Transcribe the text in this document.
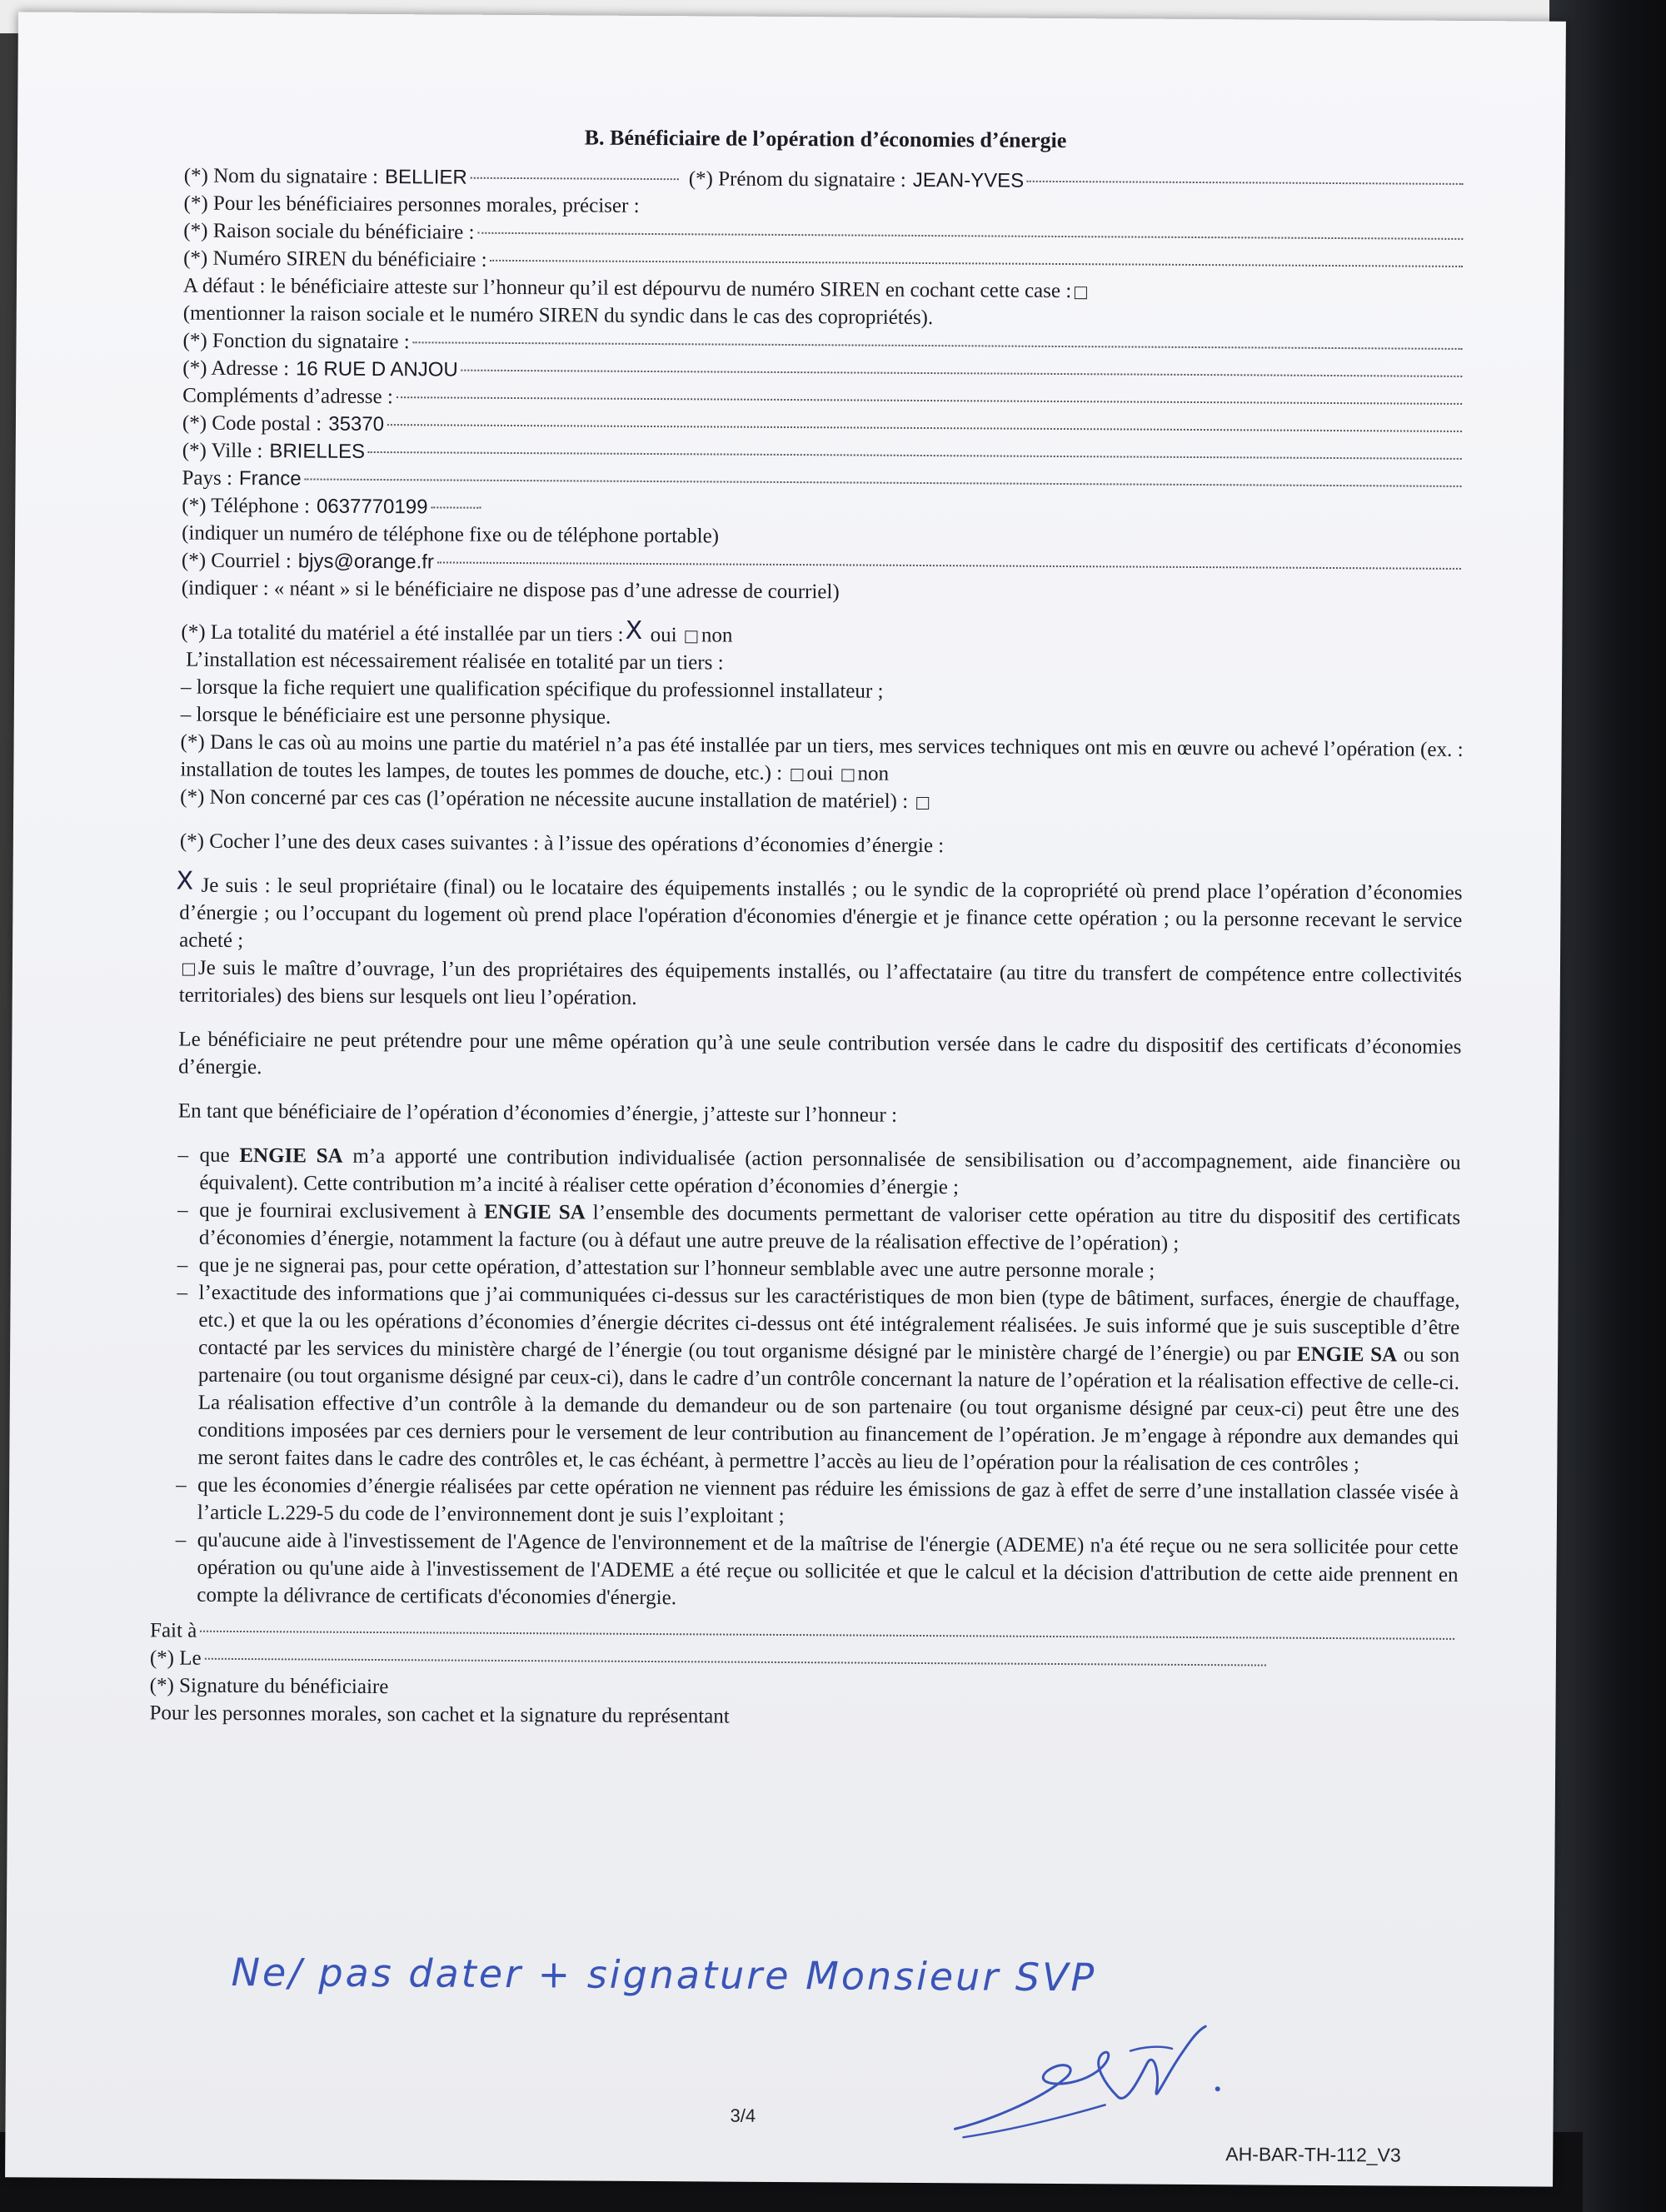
B. Bénéficiaire de l’opération d’économies d’énergie
(*) Nom du signataire : BELLIER	(*) Prénom du signataire : JEAN-YVES
(*) Pour les bénéficiaires personnes morales, préciser :
(*) Raison sociale du bénéficiaire :
(*) Numéro SIREN du bénéficiaire :

A défaut : le bénéficiaire atteste sur l’honneur qu’il est dépourvu de numéro SIREN en cochant cette case :

(mentionner la raison sociale et le numéro SIREN du syndic dans le cas des copropriétés).

(*) Fonction du signataire :
(*) Adresse : 16 RUE D ANJOU
Compléments d’adresse :
(*) Code postal : 35370
(*) Ville : BRIELLES
Pays : France
(*) Téléphone : 0637770199

(indiquer un numéro de téléphone fixe ou de téléphone portable)

(*) Courriel : bjys@orange.fr

(indiquer : « néant » si le bénéficiaire ne dispose pas d’une adresse de courriel)

(*) La totalité du matériel a été installée par un tiers : X oui non

L’installation est nécessairement réalisée en totalité par un tiers :

– lorsque la fiche requiert une qualification spécifique du professionnel installateur ;

– lorsque le bénéficiaire est une personne physique.

(*) Dans le cas où au moins une partie du matériel n’a pas été installée par un tiers, mes services techniques ont mis en œuvre ou achevé l’opération (ex. : installation de toutes les lampes, de toutes les pommes de douche, etc.) : oui non

(*) Non concerné par ces cas (l’opération ne nécessite aucune installation de matériel) :

(*) Cocher l’une des deux cases suivantes : à l’issue des opérations d’économies d’énergie :

X Je suis : le seul propriétaire (final) ou le locataire des équipements installés ; ou le syndic de la copropriété où prend place l’opération d’économies d’énergie ; ou l’occupant du logement où prend place l'opération d'économies d'énergie et je finance cette opération ; ou la personne recevant le service acheté ;

Je suis le maître d’ouvrage, l’un des propriétaires des équipements installés, ou l’affectataire (au titre du transfert de compétence entre collectivités territoriales) des biens sur lesquels ont lieu l’opération.

Le bénéficiaire ne peut prétendre pour une même opération qu’à une seule contribution versée dans le cadre du dispositif des certificats d’économies d’énergie.

En tant que bénéficiaire de l’opération d’économies d’énergie, j’atteste sur l’honneur :

– que ENGIE SA m’a apporté une contribution individualisée (action personnalisée de sensibilisation ou d’accompagnement, aide financière ou équivalent). Cette contribution m’a incité à réaliser cette opération d’économies d’énergie ;
– que je fournirai exclusivement à ENGIE SA l’ensemble des documents permettant de valoriser cette opération au titre du dispositif des certificats d’économies d’énergie, notamment la facture (ou à défaut une autre preuve de la réalisation effective de l’opération) ;
– que je ne signerai pas, pour cette opération, d’attestation sur l’honneur semblable avec une autre personne morale ;
– l’exactitude des informations que j’ai communiquées ci-dessus sur les caractéristiques de mon bien (type de bâtiment, surfaces, énergie de chauffage, etc.) et que la ou les opérations d’économies d’énergie décrites ci-dessus ont été intégralement réalisées. Je suis informé que je suis susceptible d’être contacté par les services du ministère chargé de l’énergie (ou tout organisme désigné par le ministère chargé de l’énergie) ou par ENGIE SA ou son partenaire (ou tout organisme désigné par ceux-ci), dans le cadre d’un contrôle concernant la nature de l’opération et la réalisation effective de celle-ci. La réalisation effective d’un contrôle à la demande du demandeur ou de son partenaire (ou tout organisme désigné par ceux-ci) peut être une des conditions imposées par ces derniers pour le versement de leur contribution au financement de l’opération. Je m’engage à répondre aux demandes qui me seront faites dans le cadre des contrôles et, le cas échéant, à permettre l’accès au lieu de l’opération pour la réalisation de ces contrôles ;
– que les économies d’énergie réalisées par cette opération ne viennent pas réduire les émissions de gaz à effet de serre d’une installation classée visée à l’article L.229-5 du code de l’environnement dont je suis l’exploitant ;
– qu'aucune aide à l'investissement de l'Agence de l'environnement et de la maîtrise de l'énergie (ADEME) n'a été reçue ou ne sera sollicitée pour cette opération ou qu'une aide à l'investissement de l'ADEME a été reçue ou sollicitée et que le calcul et la décision d'attribution de cette aide prennent en compte la délivrance de certificats d'économies d'énergie.
Fait à
(*) Le

(*) Signature du bénéficiaire

Pour les personnes morales, son cachet et la signature du représentant

Ne/ pas dater + signature Monsieur SVP
3/4
AH-BAR-TH-112_V3
